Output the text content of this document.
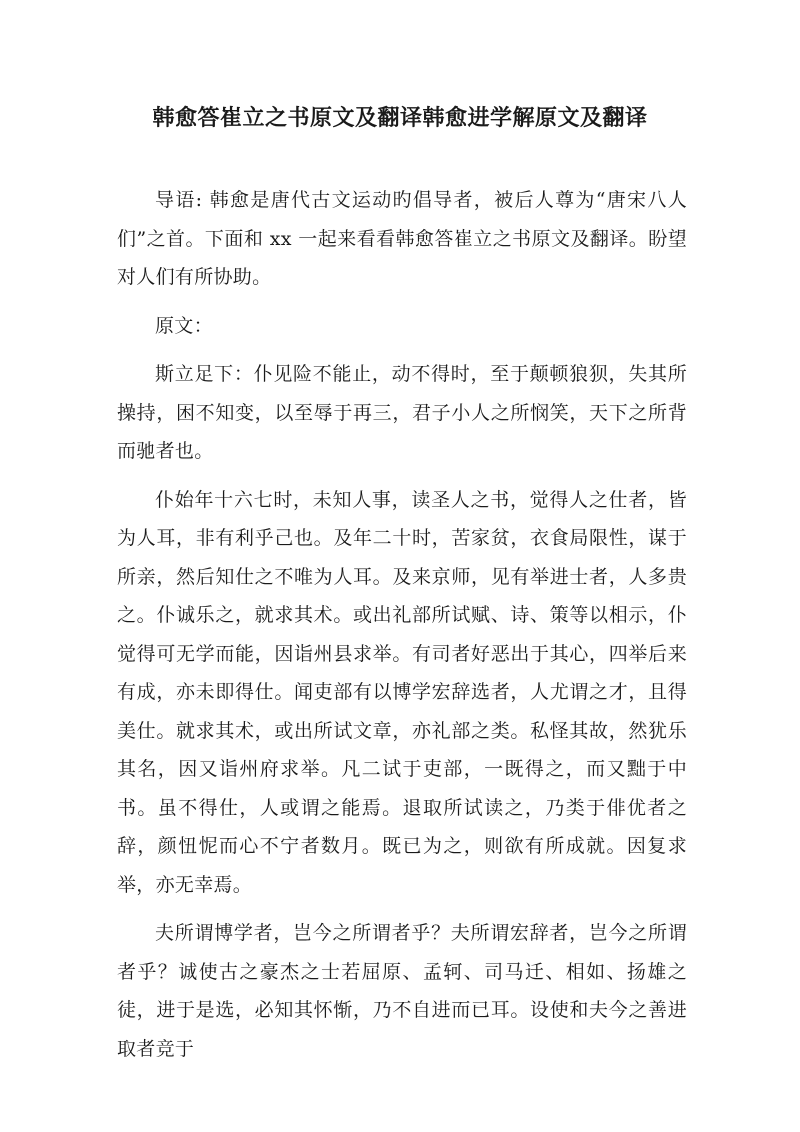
韩愈答崔立之书原文及翻译韩愈进学解原文及翻译

导语: 韩愈是唐代古文运动旳倡导者，被后人尊为“唐宋八人们”之首。下面和 xx 一起来看看韩愈答崔立之书原文及翻译。盼望对人们有所协助。

原文：

斯立足下：仆见险不能止，动不得时，至于颠顿狼狈，失其所操持，困不知变，以至辱于再三，君子小人之所悯笑，天下之所背而驰者也。

仆始年十六七时，未知人事，读圣人之书，觉得人之仕者，皆为人耳，非有利乎己也。及年二十时，苦家贫，衣食局限性，谋于所亲，然后知仕之不唯为人耳。及来京师，见有举进士者，人多贵之。仆诚乐之，就求其术。或出礼部所试赋、诗、策等以相示，仆觉得可无学而能，因诣州县求举。有司者好恶出于其心，四举后来有成，亦未即得仕。闻吏部有以博学宏辞选者，人尤谓之才，且得美仕。就求其术，或出所试文章，亦礼部之类。私怪其故，然犹乐其名，因又诣州府求举。凡二试于吏部，一既得之，而又黜于中书。虽不得仕，人或谓之能焉。退取所试读之，乃类于俳优者之辞，颜忸怩而心不宁者数月。既已为之，则欲有所成就。因复求举，亦无幸焉。

夫所谓博学者，岂今之所谓者乎？夫所谓宏辞者，岂今之所谓者乎？诚使古之豪杰之士若屈原、孟轲、司马迁、相如、扬雄之徒，进于是选，必知其怀惭，乃不自进而已耳。设使和夫今之善进取者竞于
